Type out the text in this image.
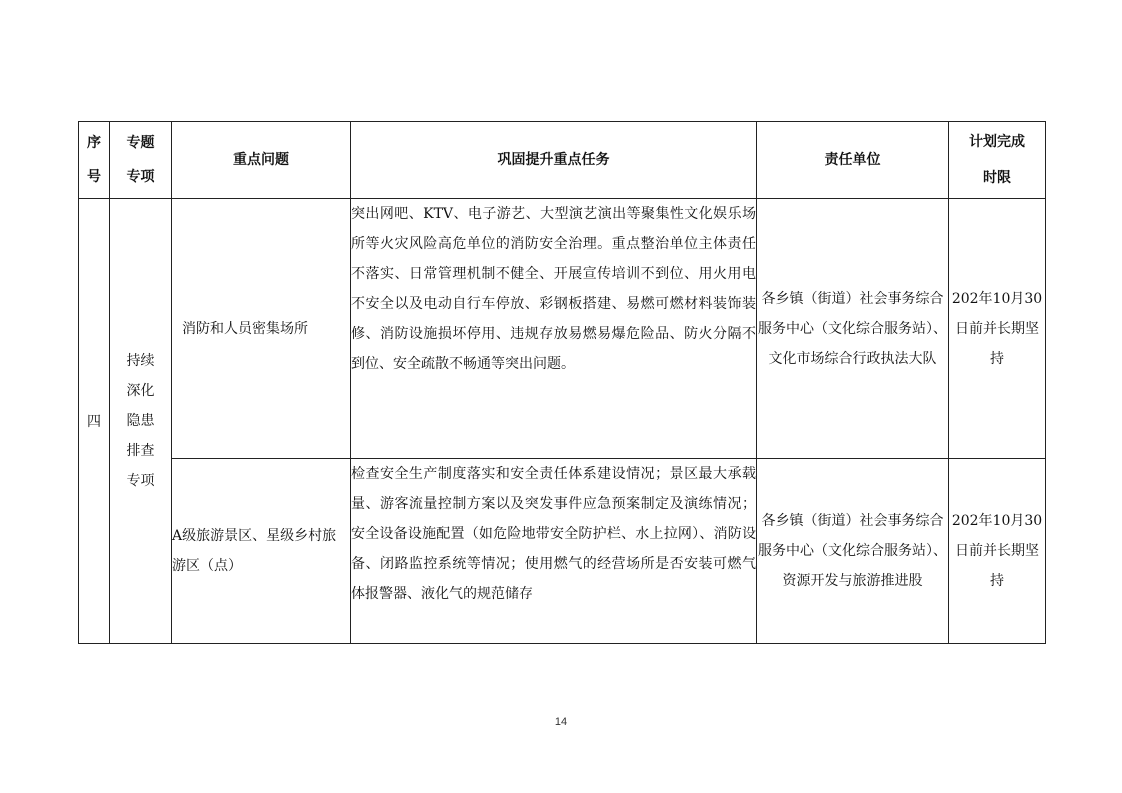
序号	专题专项	重点问题	巩固提升重点任务	责任单位	计划完成时限

四	持续深化隐患排查专项	消防和人员密集场所	突出网吧、KTV、电子游艺、大型演艺演出等聚集性文化娱乐场所等火灾风险高危单位的消防安全治理。重点整治单位主体责任不落实、日常管理机制不健全、开展宣传培训不到位、用火用电不安全以及电动自行车停放、彩钢板搭建、易燃可燃材料装饰装修、消防设施损坏停用、违规存放易燃易爆危险品、防火分隔不到位、安全疏散不畅通等突出问题。	各乡镇（街道）社会事务综合服务中心（文化综合服务站）、文化市场综合行政执法大队	202年10月30日前并长期坚持

		A级旅游景区、星级乡村旅游区（点）	检查安全生产制度落实和安全责任体系建设情况；景区最大承载量、游客流量控制方案以及突发事件应急预案制定及演练情况；安全设备设施配置（如危险地带安全防护栏、水上拉网）、消防设备、闭路监控系统等情况；使用燃气的经营场所是否安装可燃气体报警器、液化气的规范储存	各乡镇（街道）社会事务综合服务中心（文化综合服务站）、资源开发与旅游推进股	202年10月30日前并长期坚持
14
